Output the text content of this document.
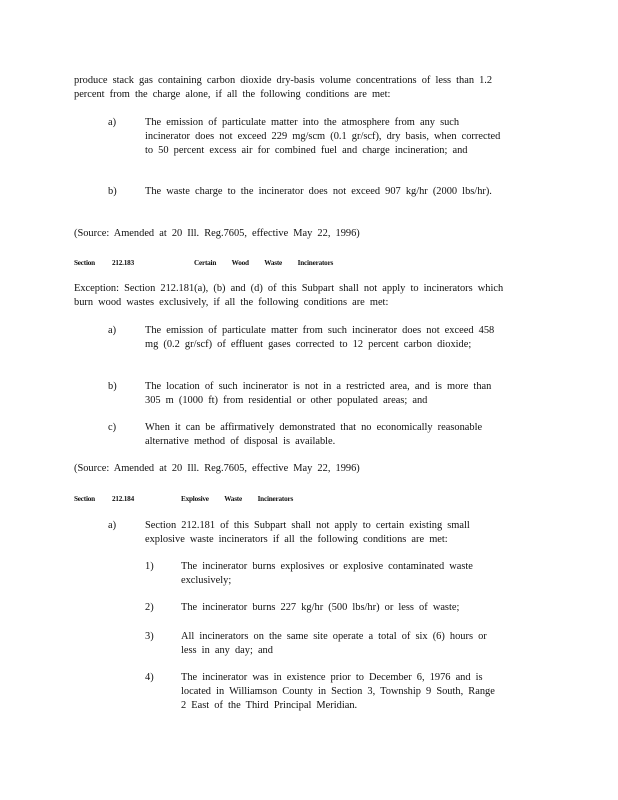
produce stack gas containing carbon dioxide dry-basis volume concentrations of less than 1.2 percent from the charge alone, if all the following conditions are met:
a)	The emission of particulate matter into the atmosphere from any such incinerator does not exceed 229 mg/scm (0.1 gr/scf), dry basis, when corrected to 50 percent excess air for combined fuel and charge incineration; and
b)	The waste charge to the incinerator does not exceed 907 kg/hr (2000 lbs/hr).
(Source: Amended at 20 Ill. Reg.7605, effective May 22, 1996)
Section 212.183	Certain Wood Waste Incinerators
Exception: Section 212.181(a), (b) and (d) of this Subpart shall not apply to incinerators which burn wood wastes exclusively, if all the following conditions are met:
a)	The emission of particulate matter from such incinerator does not exceed 458 mg (0.2 gr/scf) of effluent gases corrected to 12 percent carbon dioxide;
b)	The location of such incinerator is not in a restricted area, and is more than 305 m (1000 ft) from residential or other populated areas; and
c)	When it can be affirmatively demonstrated that no economically reasonable alternative method of disposal is available.
(Source: Amended at 20 Ill. Reg.7605, effective May 22, 1996)
Section 212.184	Explosive Waste Incinerators
a)	Section 212.181 of this Subpart shall not apply to certain existing small explosive waste incinerators if all the following conditions are met:
1)	The incinerator burns explosives or explosive contaminated waste exclusively;
2)	The incinerator burns 227 kg/hr (500 lbs/hr) or less of waste;
3)	All incinerators on the same site operate a total of six (6) hours or less in any day; and
4)	The incinerator was in existence prior to December 6, 1976 and is located in Williamson County in Section 3, Township 9 South, Range 2 East of the Third Principal Meridian.
